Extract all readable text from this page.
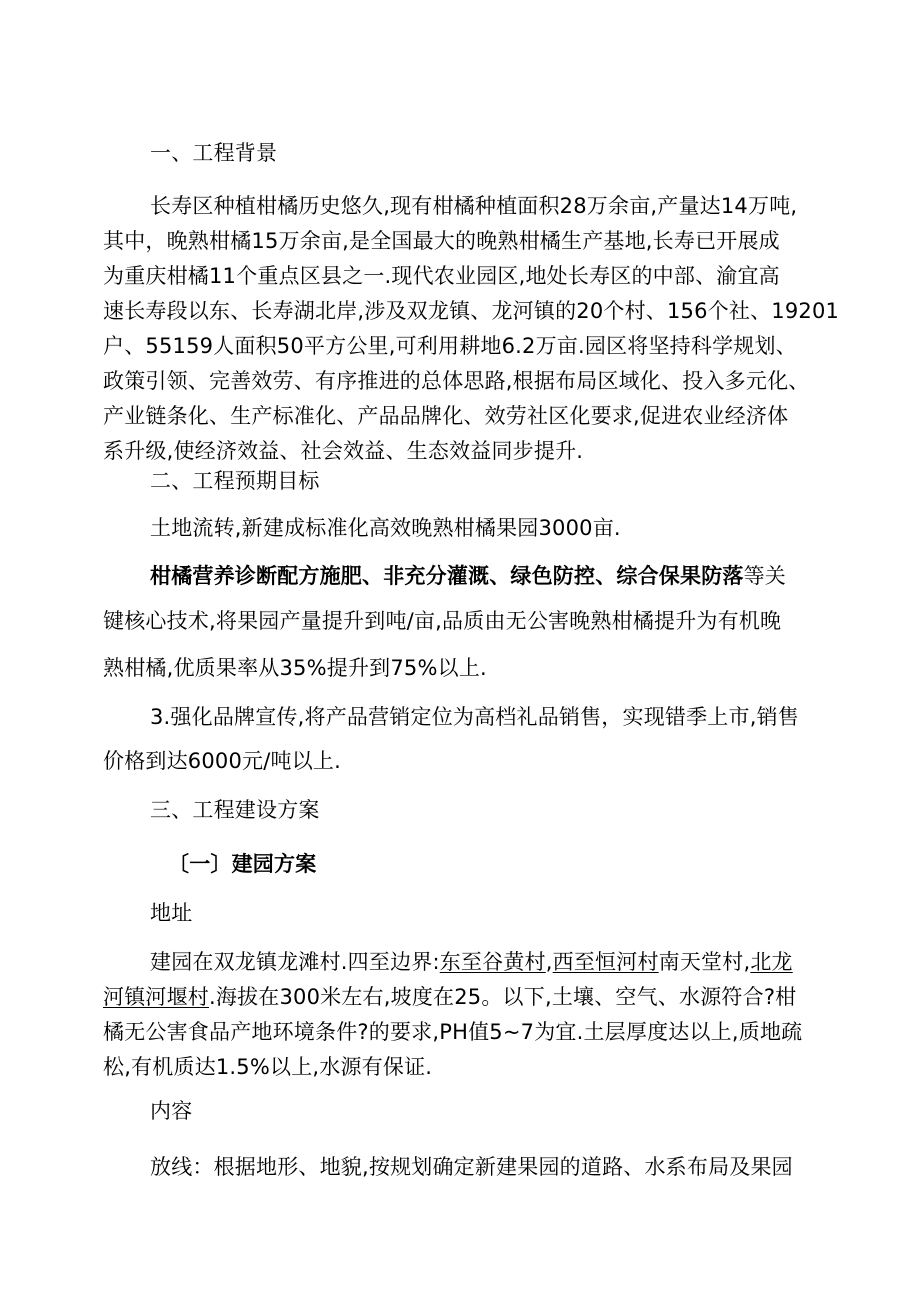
一、工程背景
长寿区种植柑橘历史悠久,现有柑橘种植面积28万余亩,产量达14万吨,
其中，晚熟柑橘15万余亩,是全国最大的晚熟柑橘生产基地,长寿已开展成
为重庆柑橘11个重点区县之一.现代农业园区,地处长寿区的中部、渝宜高
速长寿段以东、长寿湖北岸,涉及双龙镇、龙河镇的20个村、156个社、19201
户、55159人面积50平方公里,可利用耕地6.2万亩.园区将坚持科学规划、
政策引领、完善效劳、有序推进的总体思路,根据布局区域化、投入多元化、
产业链条化、生产标准化、产品品牌化、效劳社区化要求,促进农业经济体
系升级,使经济效益、社会效益、生态效益同步提升.
二、工程预期目标
土地流转,新建成标准化高效晚熟柑橘果园3000亩.
柑橘营养诊断配方施肥、非充分灌溉、绿色防控、综合保果防落等关
键核心技术,将果园产量提升到吨/亩,品质由无公害晚熟柑橘提升为有机晚
熟柑橘,优质果率从35%提升到75%以上.
3.强化品牌宣传,将产品营销定位为高档礼品销售，实现错季上市,销售
价格到达6000元/吨以上.
三、工程建设方案
〔一〕建园方案
地址
建园在双龙镇龙滩村.四至边界:东至谷黄村,西至恒河村南天堂村,北龙
河镇河堰村.海拔在300米左右,坡度在25。以下,土壤、空气、水源符合?柑
橘无公害食品产地环境条件?的要求,PH值5~7为宜.土层厚度达以上,质地疏
松,有机质达1.5%以上,水源有保证.
内容
放线：根据地形、地貌,按规划确定新建果园的道路、水系布局及果园
